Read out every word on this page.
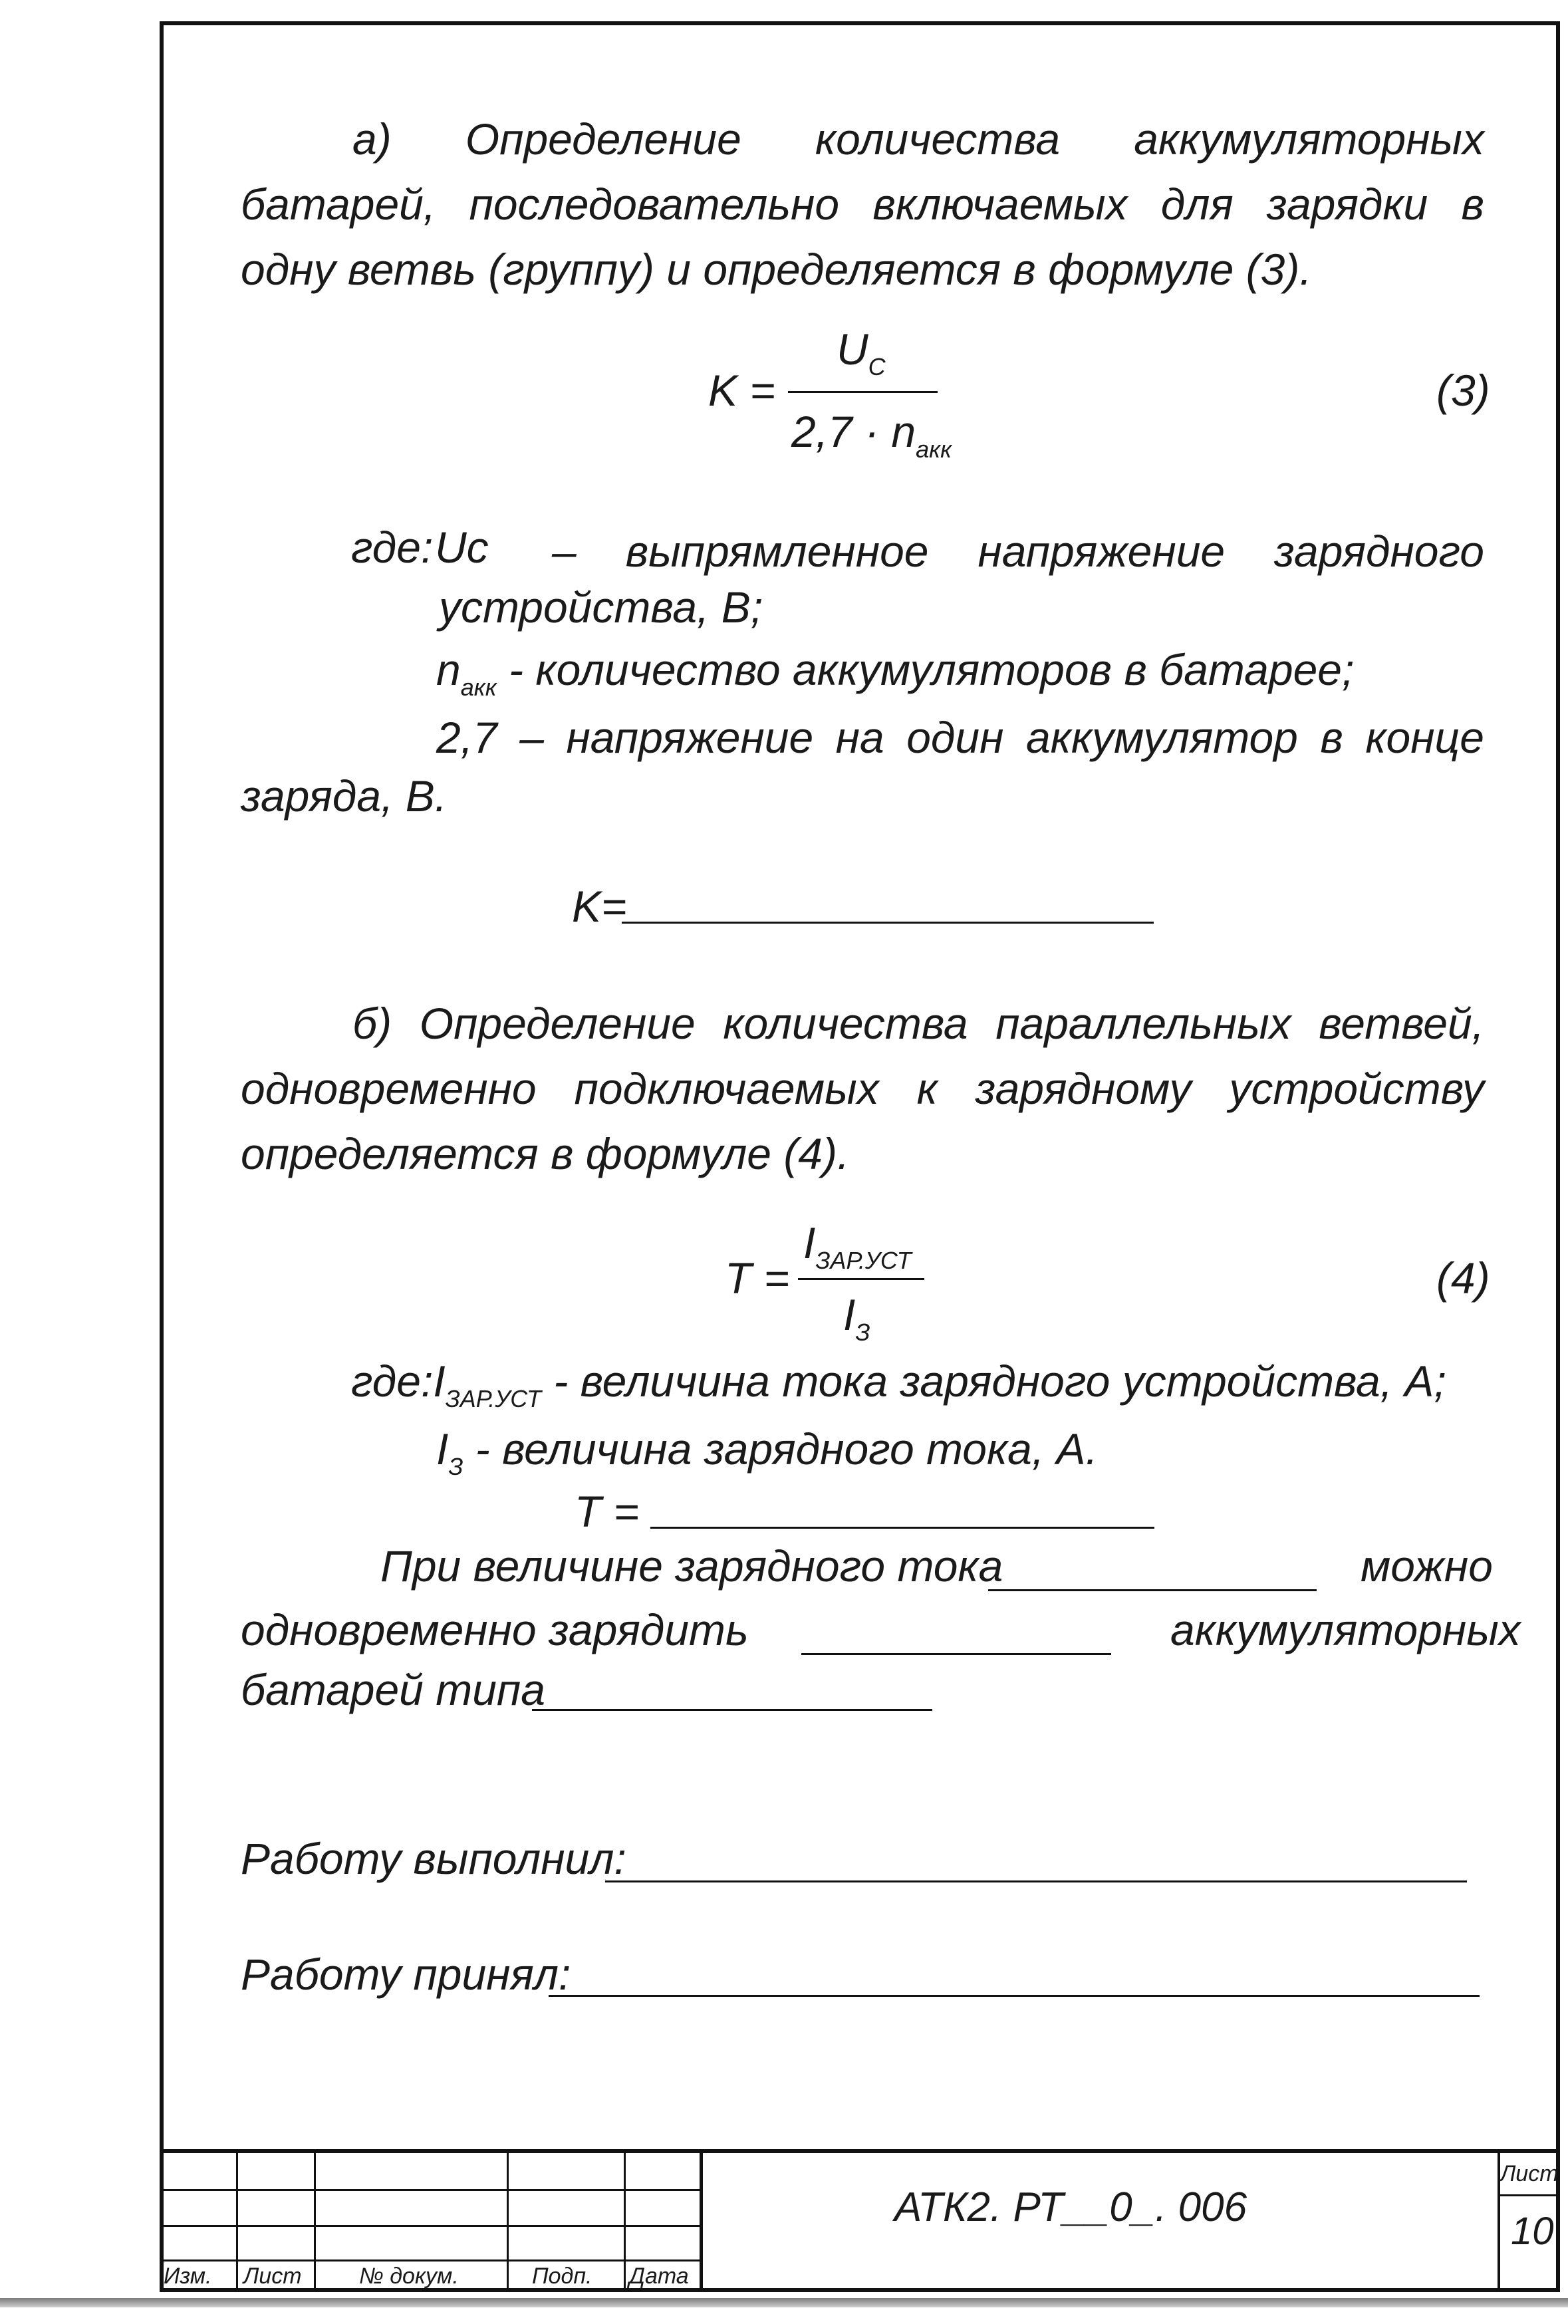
а) Определение количества аккумуляторных батарей, последовательно включаемых для зарядки в одну ветвь (группу) и определяется в формуле (3).
K =
$U_C$
$2,7 \cdot n_{акк}$
(3)
где: Uc –    выпрямленное    напряжение    зарядного
устройства, В;
$n_{акк}$ - количество аккумуляторов в батарее;
2,7 – напряжение на один аккумулятор в конце
заряда, В.
K=
б) Определение количества параллельных ветвей, одновременно подключаемых к зарядному устройству определяется в формуле (4).
T =
$I_{ЗАР.УСТ}$
$I_З$
(4)
$где:I_{ЗАР.УСТ}$ - величина тока зарядного устройства, А;
$I_З$ - величина зарядного тока, А.
T =
При величине зарядного тока	можно
одновременно зарядить	аккумуляторных
батарей типа
Работу выполнил:
Работу принял:
Изм. Лист	№ докум.	Подп. Дата
АТК2. РТ__0_. 006
Лист
10
